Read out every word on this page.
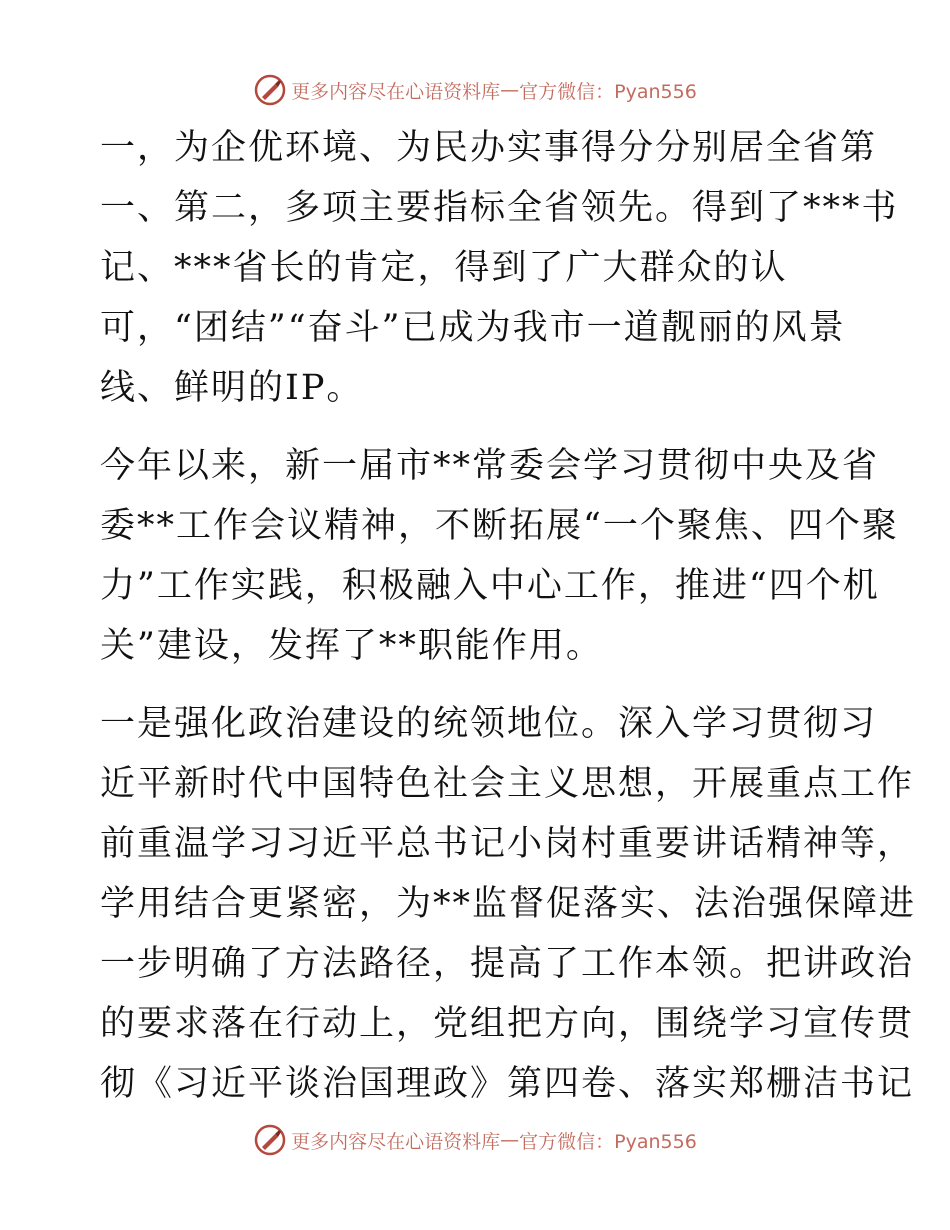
更多内容尽在心语资料库 — 官方微信：Pyan556
一，为企优环境、为民办实事得分分别居全省第
一、第二，多项主要指标全省领先。得到了***书
记、***省长的肯定，得到了广大群众的认
可，“团结”“奋斗”已成为我市一道靓丽的风景
线、鲜明的IP。
今年以来，新一届市**常委会学习贯彻中央及省
委**工作会议精神，不断拓展“一个聚焦、四个聚
力”工作实践，积极融入中心工作，推进“四个机
关”建设，发挥了**职能作用。
一是强化政治建设的统领地位。深入学习贯彻习
近平新时代中国特色社会主义思想，开展重点工作
前重温学习习近平总书记小岗村重要讲话精神等，
学用结合更紧密，为**监督促落实、法治强保障进
一步明确了方法路径，提高了工作本领。把讲政治
的要求落在行动上，党组把方向，围绕学习宣传贯
彻《习近平谈治国理政》第四卷、落实郑栅洁书记
更多内容尽在心语资料库 — 官方微信：Pyan556
